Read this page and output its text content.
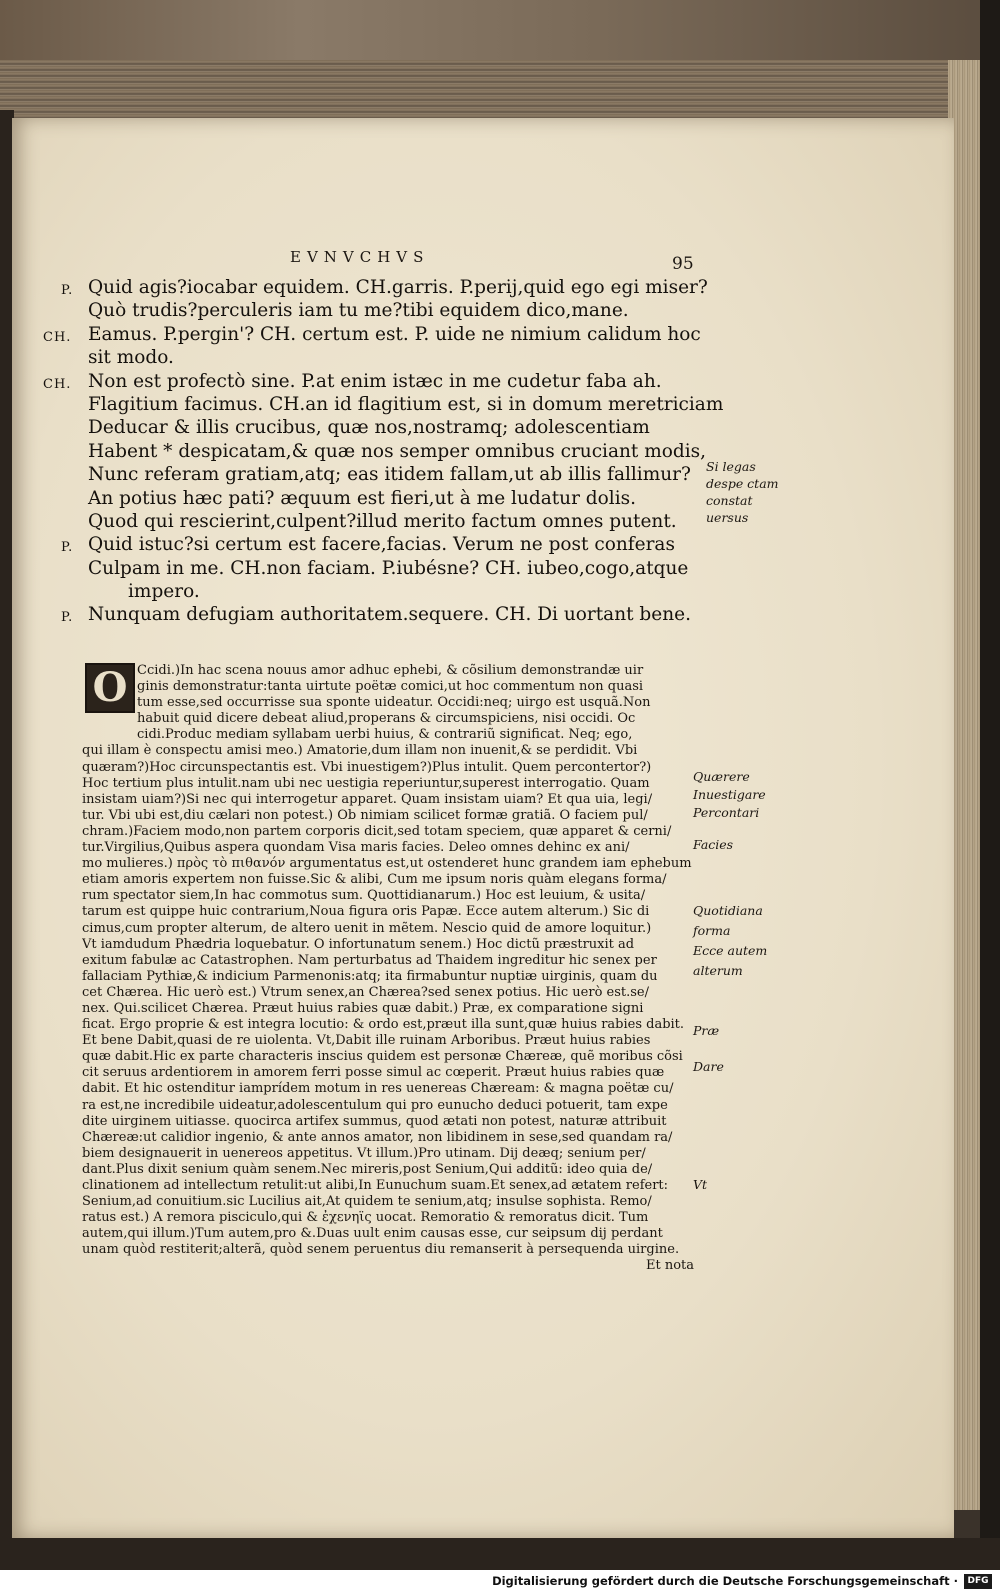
EVNVCHVS	95
P. Quid agis?iocabar equidem. CH.garris. P.perij,quid ego egi miser?
Quò trudis?perculeris iam tu me?tibi equidem dico,mane.
CH. Eamus. P.pergin'? CH. certum est. P. uide ne nimium calidum hoc
sit modo.
CH. Non est profectò sine. P.at enim istæc in me cudetur faba ah.
Flagitium facimus. CH.an id flagitium est, si in domum meretriciam
Deducar & illis crucibus, quæ nos,nostramq; adolescentiam
Habent * despicatam,& quæ nos semper omnibus cruciant modis,
Nunc referam gratiam,atq; eas itidem fallam,ut ab illis fallimur?
An potius hæc pati? æquum est fieri,ut à me ludatur dolis.
Quod qui rescierint,culpent?illud merito factum omnes putent.
P. Quid istuc?si certum est facere,facias. Verum ne post conferas
Culpam in me. CH.non faciam. P.iubésne? CH. iubeo,cogo,atque
impero.
P. Nunquam defugiam authoritatem.sequere. CH. Di uortant bene.
Si legas despe ctam constat uersus
O Ccidi.)In hac scena nouus amor adhuc ephebi, & cõsilium demonstrandæ uir
ginis demonstratur:tanta uirtute poëtæ comici,ut hoc commentum non quasi
tum esse,sed occurrisse sua sponte uideatur. Occidi:neq; uirgo est usquã.Non
habuit quid dicere debeat aliud,properans & circumspiciens, nisi occidi. Oc
cidi.Produc mediam syllabam uerbi huius, & contrariũ significat. Neq; ego,
qui illam è conspectu amisi meo.) Amatorie,dum illam non inuenit,& se perdidit. Vbi
quæram?)Hoc circunspectantis est. Vbi inuestigem?)Plus intulit. Quem percontertor?)
Hoc tertium plus intulit.nam ubi nec uestigia reperiuntur,superest interrogatio. Quam
insistam uiam?)Si nec qui interrogetur apparet. Quam insistam uiam? Et qua uia, legi/
tur. Vbi ubi est,diu cælari non potest.) Ob nimiam scilicet formæ gratiã. O faciem pul/
chram.)Faciem modo,non partem corporis dicit,sed totam speciem, quæ apparet & cerni/
tur.Virgilius,Quibus aspera quondam Visa maris facies. Deleo omnes dehinc ex ani/
mo mulieres.) πρὸς τὸ πιθανόν argumentatus est,ut ostenderet hunc grandem iam ephebum
etiam amoris expertem non fuisse.Sic & alibi, Cum me ipsum noris quàm elegans forma/
rum spectator siem,In hac commotus sum. Quottidianarum.) Hoc est leuium, & usita/
tarum est quippe huic contrarium,Noua figura oris Papæ. Ecce autem alterum.) Sic di
cimus,cum propter alterum, de altero uenit in mẽtem. Nescio quid de amore loquitur.)
Vt iamdudum Phædria loquebatur. O infortunatum senem.) Hoc dictũ præstruxit ad
exitum fabulæ ac Catastrophen. Nam perturbatus ad Thaidem ingreditur hic senex per
fallaciam Pythiæ,& indicium Parmenonis:atq; ita firmabuntur nuptiæ uirginis, quam du
cet Chærea. Hic uerò est.) Vtrum senex,an Chærea?sed senex potius. Hic uerò est.se/
nex. Qui.scilicet Chærea. Præut huius rabies quæ dabit.) Præ, ex comparatione signi
ficat. Ergo proprie & est integra locutio: & ordo est,præut illa sunt,quæ huius rabies dabit.
Et bene Dabit,quasi de re uiolenta. Vt,Dabit ille ruinam Arboribus. Præut huius rabies
quæ dabit.Hic ex parte characteris inscius quidem est personæ Chæreæ, quẽ moribus cõsi
cit seruus ardentiorem in amorem ferri posse simul ac cœperit. Præut huius rabies quæ
dabit. Et hic ostenditur iamprídem motum in res uenereas Chæream: & magna poëtæ cu/
ra est,ne incredibile uideatur,adolescentulum qui pro eunucho deduci potuerit, tam expe
dite uirginem uitiasse. quocirca artifex summus, quod ætati non potest, naturæ attribuit
Chæreæ:ut calidior ingenio, & ante annos amator, non libidinem in sese,sed quandam ra/
biem designauerit in uenereos appetitus. Vt illum.)Pro utinam. Dij deæq; senium per/
dant.Plus dixit senium quàm senem.Nec mireris,post Senium,Qui additũ: ideo quia de/
clinationem ad intellectum retulit:ut alibi,In Eunuchum suam.Et senex,ad ætatem refert:
Senium,ad conuitium.sic Lucilius ait,At quidem te senium,atq; insulse sophista. Remo/
ratus est.) A remora pisciculo,qui & ἐχενηΐς uocat. Remoratio & remoratus dicit. Tum
autem,qui illum.)Tum autem,pro &.Duas uult enim causas esse, cur seipsum dij perdant
unam quòd restiterit;alterã, quòd senem peruentus diu remanserit à persequenda uirgine.
Et nota
Quærere
Inuestigare
Percontari
Facies
Quotidiana
forma
Ecce autem
alterum
Præ
Dare
Vt
Digitalisierung gefördert durch die Deutsche Forschungsgemeinschaft ·	DFG
